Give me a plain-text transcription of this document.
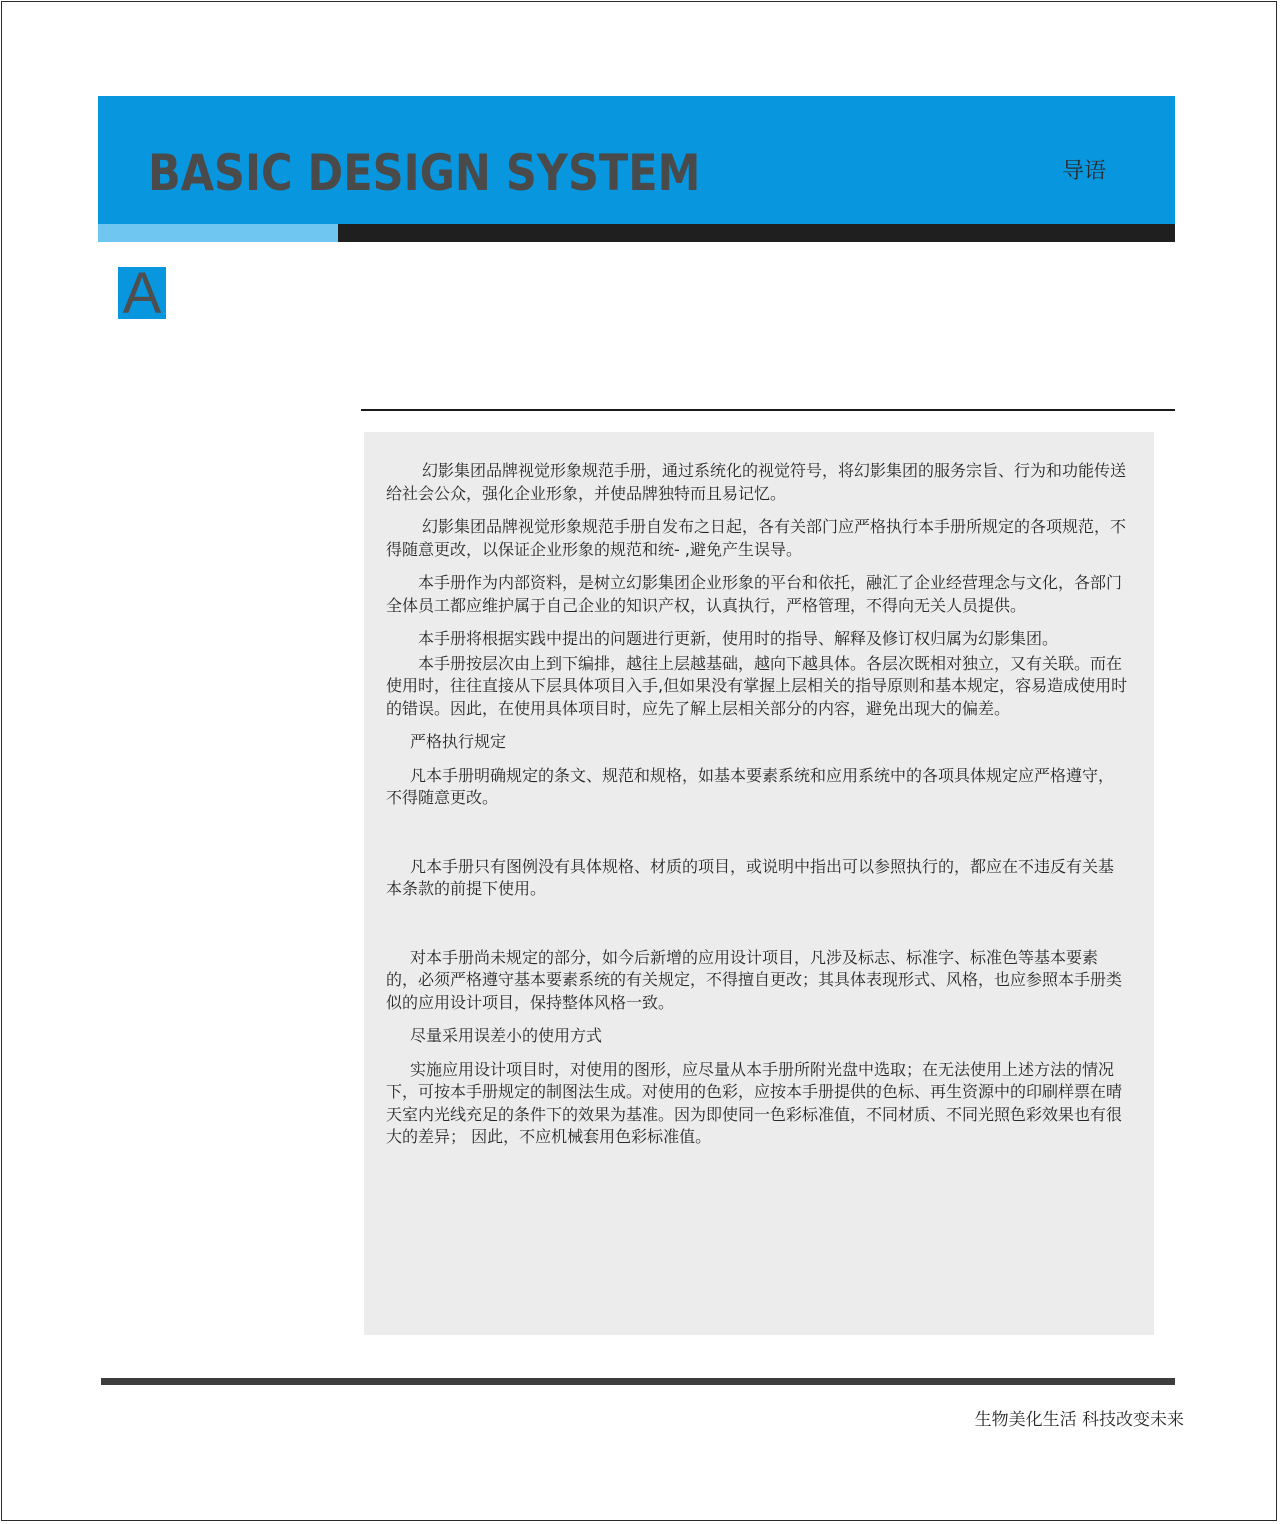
BASIC DESIGN SYSTEM	导语
A

幻影集团品牌视觉形象规范手册，通过系统化的视觉符号，将幻影集团的服务宗旨、行为和功能传送给社会公众，强化企业形象，并使品牌独特而且易记忆。

幻影集团品牌视觉形象规范手册自发布之日起，各有关部门应严格执行本手册所规定的各项规范，不得随意更改，以保证企业形象的规范和统- ,避免产生误导。

本手册作为内部资料，是树立幻影集团企业形象的平台和依托，融汇了企业经营理念与文化，各部门全体员工都应维护属于自己企业的知识产权，认真执行，严格管理，不得向无关人员提供。

本手册将根据实践中提出的问题进行更新，使用时的指导、解释及修订权归属为幻影集团。

本手册按层次由上到下编排，越往上层越基础，越向下越具体。各层次既相对独立，又有关联。而在使用时，往往直接从下层具体项目入手,但如果没有掌握上层相关的指导原则和基本规定，容易造成使用时的错误。因此，在使用具体项目时，应先了解上层相关部分的内容，避免出现大的偏差。

严格执行规定

凡本手册明确规定的条文、规范和规格，如基本要素系统和应用系统中的各项具体规定应严格遵守，不得随意更改。

凡本手册只有图例没有具体规格、材质的项目，或说明中指出可以参照执行的，都应在不违反有关基本条款的前提下使用。

对本手册尚未规定的部分，如今后新增的应用设计项目，凡涉及标志、标准字、标准色等基本要素的，必须严格遵守基本要素系统的有关规定，不得擅自更改；其具体表现形式、风格，也应参照本手册类似的应用设计项目，保持整体风格一致。

尽量采用误差小的使用方式

实施应用设计项目时，对使用的图形，应尽量从本手册所附光盘中选取；在无法使用上述方法的情况下，可按本手册规定的制图法生成。对使用的色彩，应按本手册提供的色标、再生资源中的印刷样票在晴天室内光线充足的条件下的效果为基准。因为即使同一色彩标准值，不同材质、不同光照色彩效果也有很大的差异； 因此，不应机械套用色彩标准值。

生物美化生活 科技改变未来
